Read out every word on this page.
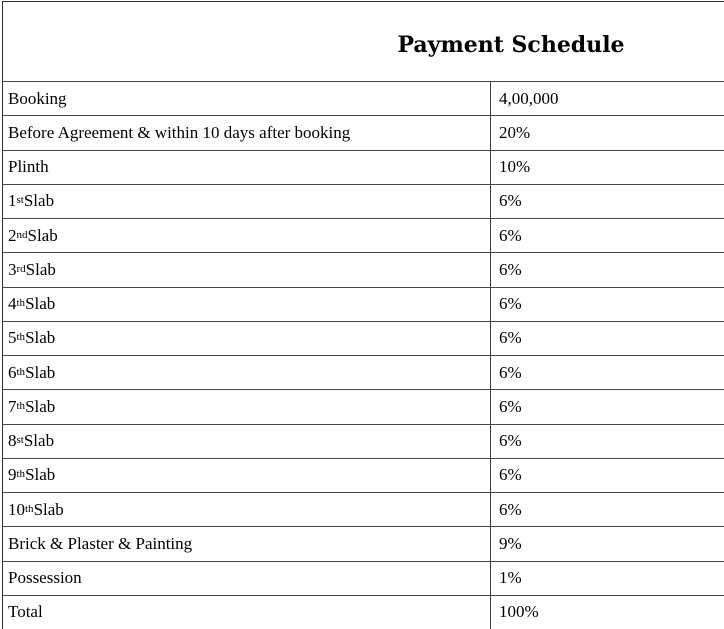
Payment Schedule
Booking	4,00,000
Before Agreement & within 10 days after booking	20%
Plinth	10%
1st Slab	6%
2nd Slab	6%
3rd Slab	6%
4th Slab	6%
5th Slab	6%
6th Slab	6%
7th Slab	6%
8st Slab	6%
9th Slab	6%
10th Slab	6%
Brick & Plaster & Painting	9%
Possession	1%
Total	100%
